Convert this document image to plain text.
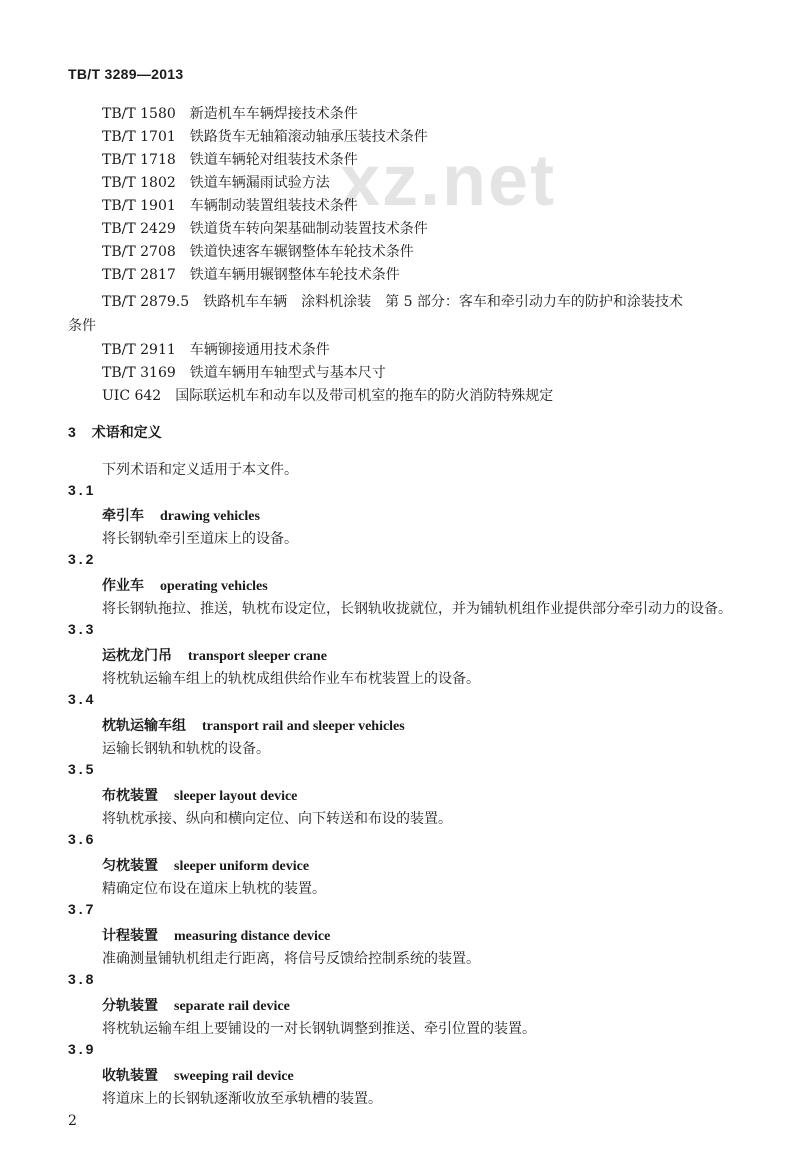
TB/T 3289—2013
xz.net
TB/T 1580 新造机车车辆焊接技术条件
TB/T 1701 铁路货车无轴箱滚动轴承压装技术条件
TB/T 1718 铁道车辆轮对组装技术条件
TB/T 1802 铁道车辆漏雨试验方法
TB/T 1901 车辆制动装置组装技术条件
TB/T 2429 铁道货车转向架基础制动装置技术条件
TB/T 2708 铁道快速客车辗钢整体车轮技术条件
TB/T 2817 铁道车辆用辗钢整体车轮技术条件
TB/T 2879.5 铁路机车车辆　涂料机涂装　第 5 部分：客车和牵引动力车的防护和涂装技术
条件
TB/T 2911 车辆铆接通用技术条件
TB/T 3169 铁道车辆用车轴型式与基本尺寸
UIC 642 国际联运机车和动车以及带司机室的拖车的防火消防特殊规定
3 术语和定义
下列术语和定义适用于本文件。
3.1
牵引车 drawing vehicles
将长钢轨牵引至道床上的设备。
3.2
作业车 operating vehicles
将长钢轨拖拉、推送，轨枕布设定位，长钢轨收拢就位，并为铺轨机组作业提供部分牵引动力的设备。
3.3
运枕龙门吊 transport sleeper crane
将枕轨运输车组上的轨枕成组供给作业车布枕装置上的设备。
3.4
枕轨运输车组 transport rail and sleeper vehicles
运输长钢轨和轨枕的设备。
3.5
布枕装置 sleeper layout device
将轨枕承接、纵向和横向定位、向下转送和布设的装置。
3.6
匀枕装置 sleeper uniform device
精确定位布设在道床上轨枕的装置。
3.7
计程装置 measuring distance device
准确测量铺轨机组走行距离，将信号反馈给控制系统的装置。
3.8
分轨装置 separate rail device
将枕轨运输车组上要铺设的一对长钢轨调整到推送、牵引位置的装置。
3.9
收轨装置 sweeping rail device
将道床上的长钢轨逐渐收放至承轨槽的装置。
2
